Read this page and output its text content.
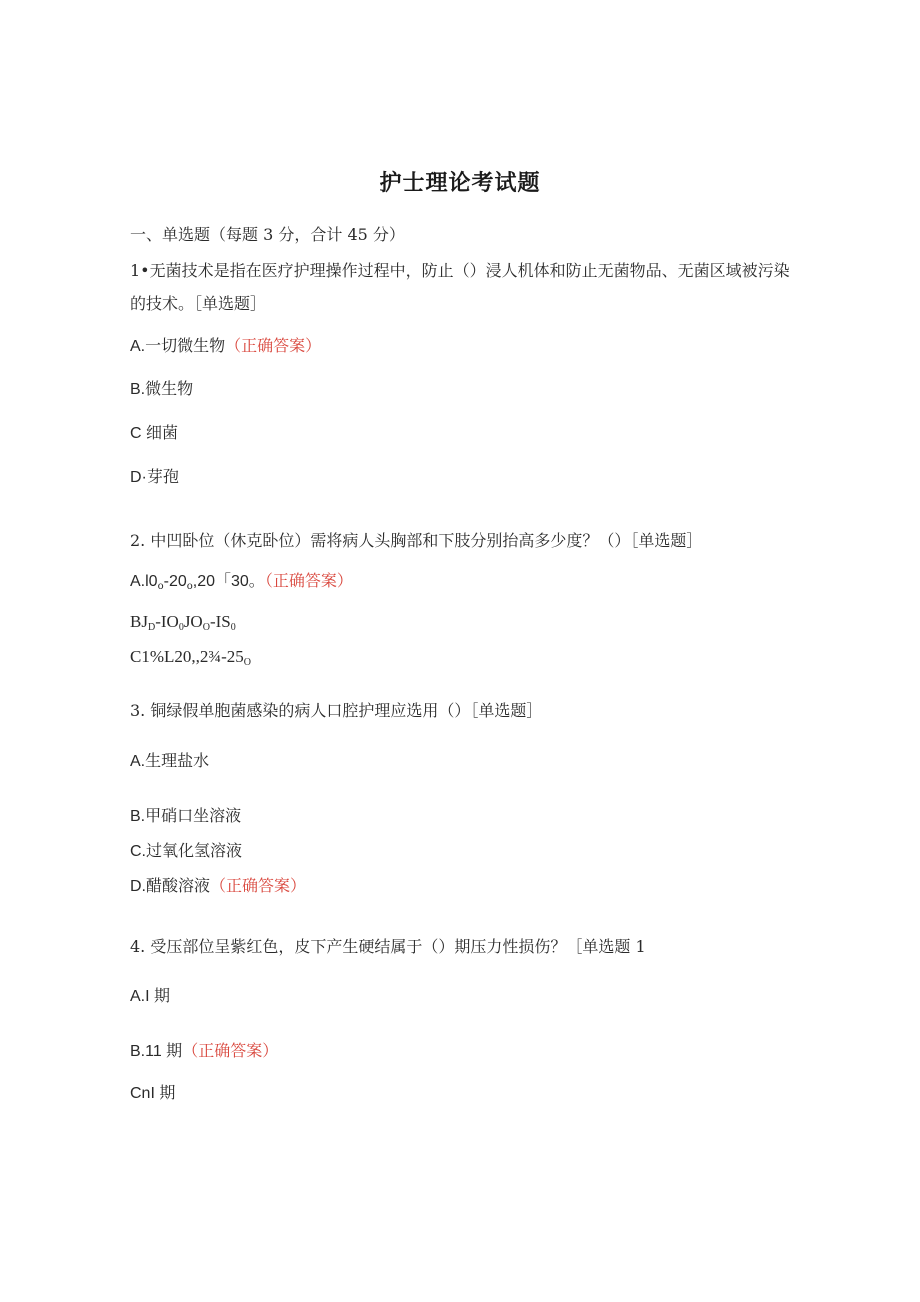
护士理论考试题
一、单选题（每题 3 分，合计 45 分）
1•无菌技术是指在医疗护理操作过程中，防止（）浸人机体和防止无菌物品、无菌区域被污染的技术。［单选题］
A.一切微生物（正确答案）
B.微生物
C 细菌
D·芽孢
2. 中凹卧位（休克卧位）需将病人头胸部和下肢分别抬高多少度？（）［单选题］
$A.l0_o-20_o,20$「30。（正确答案）
$BJ_D-IO_0JO_O-IS_0$
$C1\%L20,,2\frac{3}{4}-25_O$
3. 铜绿假单胞菌感染的病人口腔护理应选用（）［单选题］
A.生理盐水
B.甲硝口坐溶液
C.过氧化氢溶液
D.醋酸溶液（正确答案）
4. 受压部位呈紫红色，皮下产生硬结属于（）期压力性损伤？［单选题 1
A.I 期
B.11 期（正确答案）
CnI 期
